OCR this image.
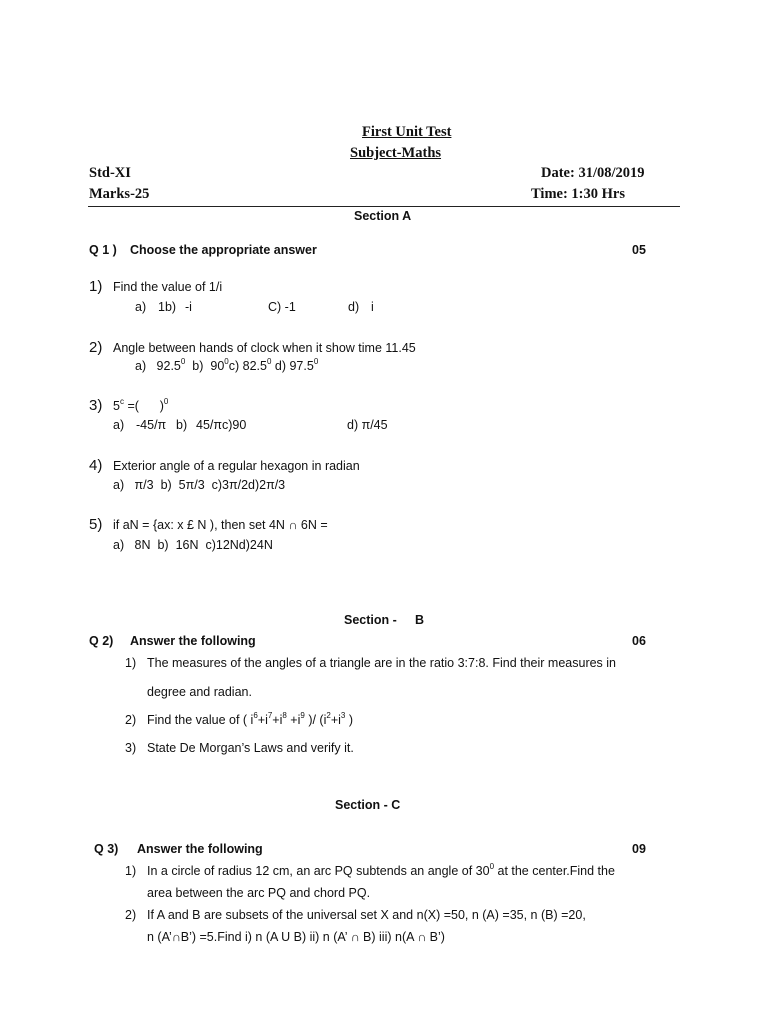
First Unit Test
Subject-Maths
Std-XI	Date: 31/08/2019
Marks-25	Time: 1:30 Hrs
Section A
Q 1 ) Choose the appropriate answer	05
1) Find the value of 1/i
a) 1b) -i	C) -1	d) i
2) Angle between hands of clock when it show time 11.45
a) 92.5$^0$ b) $90^0c$) 82.5$^0$ d) 97.5$^0$
3) $5^c$ =( )$^0$
a) -45/π b) 45/πc)90	d) π/45
4) Exterior angle of a regular hexagon in radian
a) π/3 b) 5π/3 c)3π/2d)2π/3
5) if aN = {ax: x £ N ), then set 4N ∩ 6N =
a) 8N b) 16N c)12Nd)24N
Section - B
Q 2) Answer the following	06
1) The measures of the angles of a triangle are in the ratio 3:7:8. Find their measures in
degree and radian.
2) Find the value of ( $i^6+i^7+i^8 +i^9$ )/ ($i^2+i^3$ )
3) State De Morgan’s Laws and verify it.
Section - C
Q 3) Answer the following	09
1) In a circle of radius 12 cm, an arc PQ subtends an angle of $30^0$ at the center.Find the
area between the arc PQ and chord PQ.
2) If A and B are subsets of the universal set X and n(X) =50, n (A) =35, n (B) =20,
n (A’∩B’) =5.Find i) n (A U B) ii) n (A’ ∩ B) iii) n(A ∩ B’)
